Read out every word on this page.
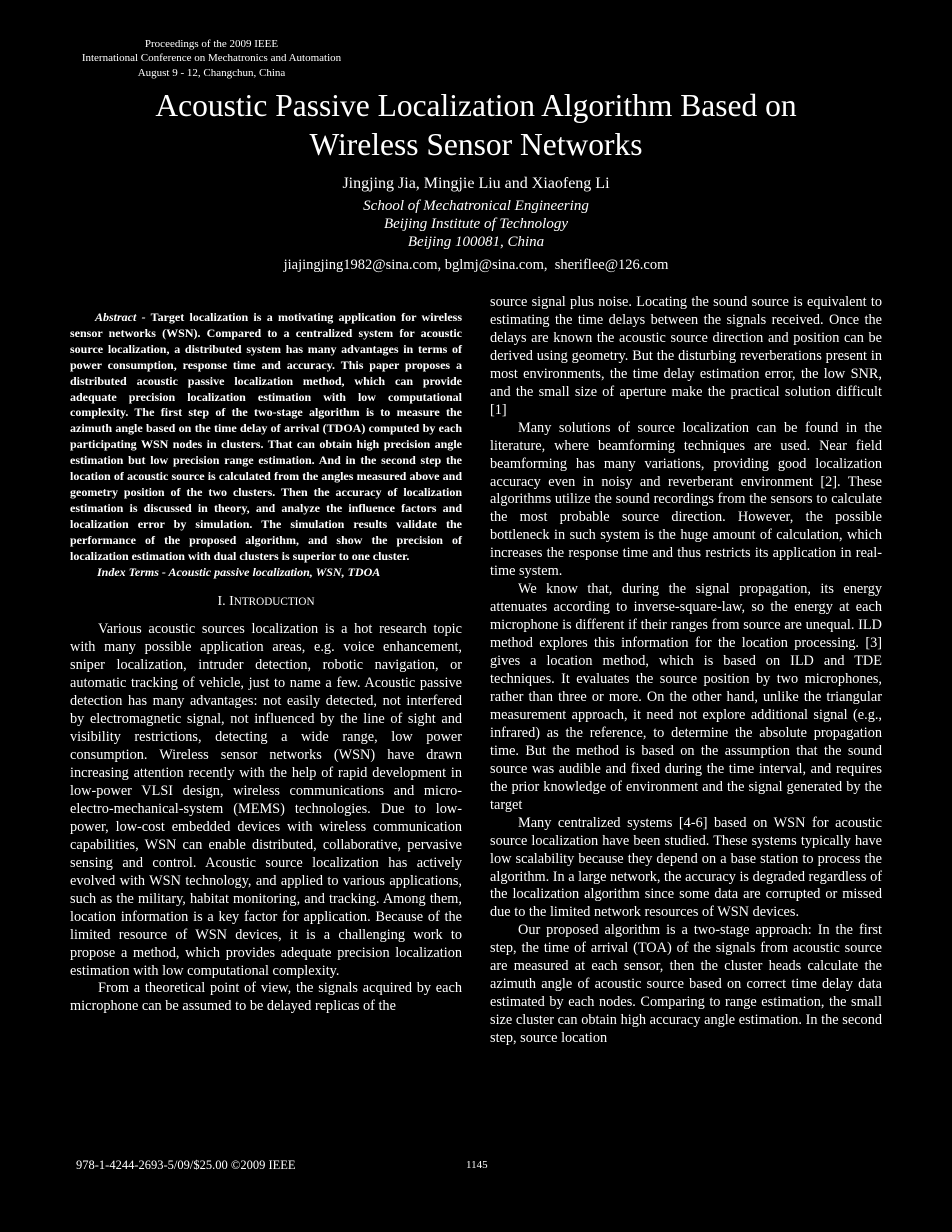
Proceedings of the 2009 IEEE
International Conference on Mechatronics and Automation
August 9 - 12, Changchun, China
Acoustic Passive Localization Algorithm Based on
Wireless Sensor Networks
Jingjing Jia, Mingjie Liu and Xiaofeng Li
School of Mechatronical Engineering
Beijing Institute of Technology
Beijing 100081, China
jiajingjing1982@sina.com, bglmj@sina.com,  sheriflee@126.com

Abstract - Target localization is a motivating application for wireless sensor networks (WSN). Compared to a centralized system for acoustic source localization, a distributed system has many advantages in terms of power consumption, response time and accuracy. This paper proposes a distributed acoustic passive localization method, which can provide adequate precision localization estimation with low computational complexity. The first step of the two-stage algorithm is to measure the azimuth angle based on the time delay of arrival (TDOA) computed by each participating WSN nodes in clusters. That can obtain high precision angle estimation but low precision range estimation. And in the second step the location of acoustic source is calculated from the angles measured above and geometry position of the two clusters. Then the accuracy of localization estimation is discussed in theory, and analyze the influence factors and localization error by simulation. The simulation results validate the performance of the proposed algorithm, and show the precision of localization estimation with dual clusters is superior to one cluster.

Index Terms - Acoustic passive localization, WSN, TDOA

I. INTRODUCTION

Various acoustic sources localization is a hot research topic with many possible application areas, e.g. voice enhancement, sniper localization, intruder detection, robotic navigation, or automatic tracking of vehicle, just to name a few. Acoustic passive detection has many advantages: not easily detected, not interfered by electromagnetic signal, not influenced by the line of sight and visibility restrictions, detecting a wide range, low power consumption. Wireless sensor networks (WSN) have drawn increasing attention recently with the help of rapid development in low-power VLSI design, wireless communications and micro-electro-mechanical-system (MEMS) technologies. Due to low-power, low-cost embedded devices with wireless communication capabilities, WSN can enable distributed, collaborative, pervasive sensing and control. Acoustic source localization has actively evolved with WSN technology, and applied to various applications, such as the military, habitat monitoring, and tracking. Among them, location information is a key factor for application. Because of the limited resource of WSN devices, it is a challenging work to propose a method, which provides adequate precision localization estimation with low computational complexity.

From a theoretical point of view, the signals acquired by each microphone can be assumed to be delayed replicas of the

source signal plus noise. Locating the sound source is equivalent to estimating the time delays between the signals received. Once the delays are known the acoustic source direction and position can be derived using geometry. But the disturbing reverberations present in most environments, the time delay estimation error, the low SNR, and the small size of aperture make the practical solution difficult [1]

Many solutions of source localization can be found in the literature, where beamforming techniques are used. Near field beamforming has many variations, providing good localization accuracy even in noisy and reverberant environment [2]. These algorithms utilize the sound recordings from the sensors to calculate the most probable source direction. However, the possible bottleneck in such system is the huge amount of calculation, which increases the response time and thus restricts its application in real-time system.

We know that, during the signal propagation, its energy attenuates according to inverse-square-law, so the energy at each microphone is different if their ranges from source are unequal. ILD method explores this information for the location processing. [3] gives a location method, which is based on ILD and TDE techniques. It evaluates the source position by two microphones, rather than three or more. On the other hand, unlike the triangular measurement approach, it need not explore additional signal (e.g., infrared) as the reference, to determine the absolute propagation time. But the method is based on the assumption that the sound source was audible and fixed during the time interval, and requires the prior knowledge of environment and the signal generated by the target

Many centralized systems [4-6] based on WSN for acoustic source localization have been studied. These systems typically have low scalability because they depend on a base station to process the algorithm. In a large network, the accuracy is degraded regardless of the localization algorithm since some data are corrupted or missed due to the limited network resources of WSN devices.

Our proposed algorithm is a two-stage approach: In the first step, the time of arrival (TOA) of the signals from acoustic source are measured at each sensor, then the cluster heads calculate the azimuth angle of acoustic source based on correct time delay data estimated by each nodes. Comparing to range estimation, the small size cluster can obtain high accuracy angle estimation. In the second step, source location

978-1-4244-2693-5/09/$25.00 ©2009 IEEE	1145
